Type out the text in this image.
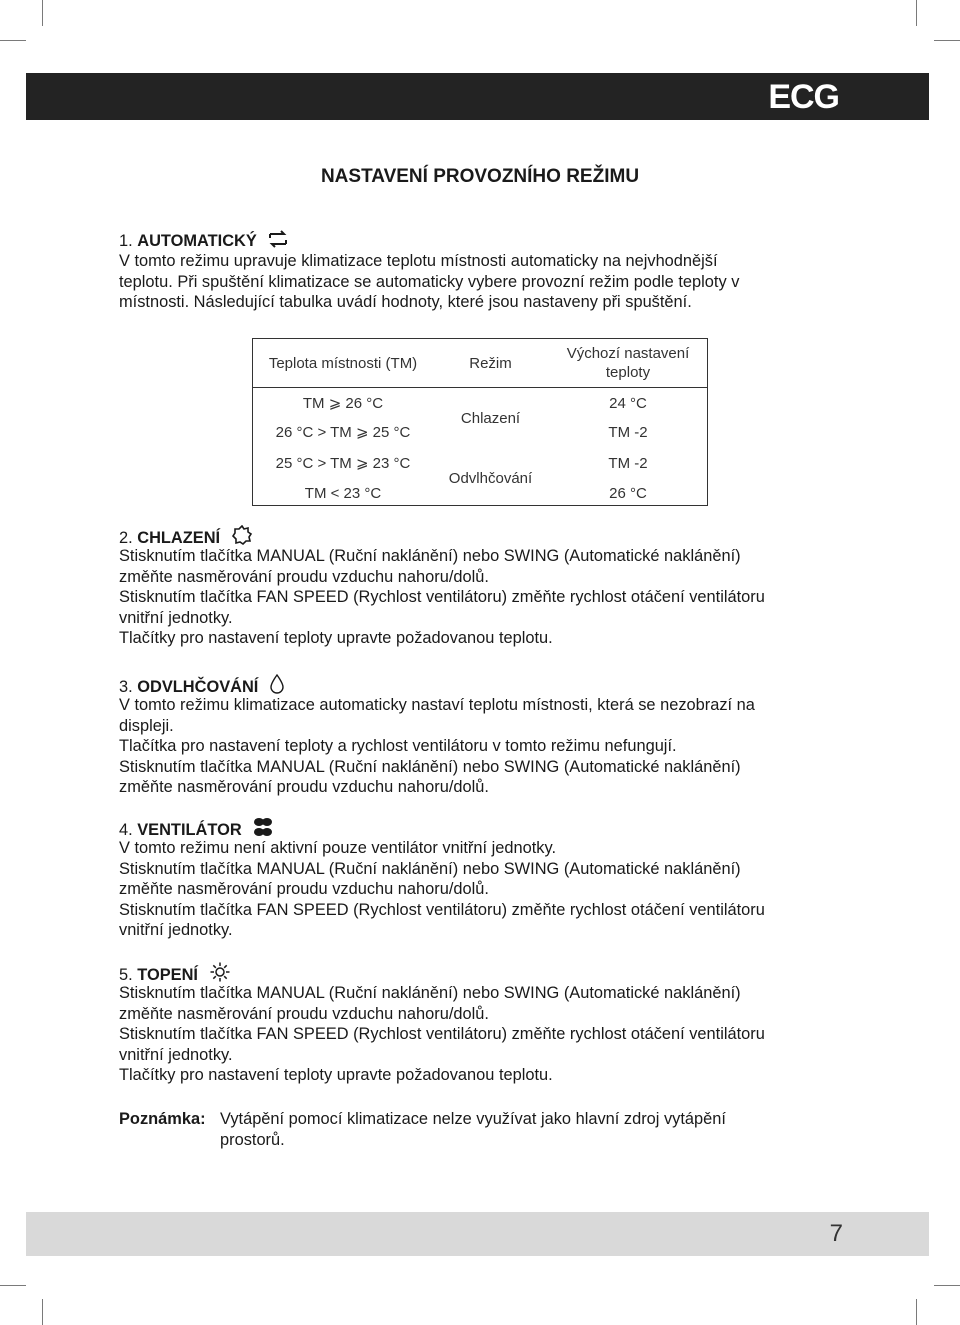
ECG
NASTAVENÍ PROVOZNÍHO REŽIMU
1. AUTOMATICKÝ

V tomto režimu upravuje klimatizace teplotu místnosti automaticky na nejvhodnější

teplotu. Při spuštění klimatizace se automaticky vybere provozní režim podle teploty v

místnosti. Následující tabulka uvádí hodnoty, které jsou nastaveny při spuštění.

Teplota místnosti (TM)	Režim
Výchozí nastavení teploty
TM ⩾ 26 °C
26 °C > TM ⩾ 25 °C
25 °C > TM ⩾ 23 °C
TM < 23 °C
Chlazení
Odvlhčování
24 °C
TM -2
TM -2
26 °C
2. CHLAZENÍ

Stisknutím tlačítka MANUAL (Ruční naklánění) nebo SWING (Automatické naklánění)

změňte nasměrování proudu vzduchu nahoru/dolů.

Stisknutím tlačítka FAN SPEED (Rychlost ventilátoru) změňte rychlost otáčení ventilátoru

vnitřní jednotky.

Tlačítky pro nastavení teploty upravte požadovanou teplotu.

3. ODVLHČOVÁNÍ

V tomto režimu klimatizace automaticky nastaví teplotu místnosti, která se nezobrazí na

displeji.

Tlačítka pro nastavení teploty a rychlost ventilátoru v tomto režimu nefungují.

Stisknutím tlačítka MANUAL (Ruční naklánění) nebo SWING (Automatické naklánění)

změňte nasměrování proudu vzduchu nahoru/dolů.

4. VENTILÁTOR

V tomto režimu není aktivní pouze ventilátor vnitřní jednotky.

Stisknutím tlačítka MANUAL (Ruční naklánění) nebo SWING (Automatické naklánění)

změňte nasměrování proudu vzduchu nahoru/dolů.

Stisknutím tlačítka FAN SPEED (Rychlost ventilátoru) změňte rychlost otáčení ventilátoru

vnitřní jednotky.

5. TOPENÍ

Stisknutím tlačítka MANUAL (Ruční naklánění) nebo SWING (Automatické naklánění)

změňte nasměrování proudu vzduchu nahoru/dolů.

Stisknutím tlačítka FAN SPEED (Rychlost ventilátoru) změňte rychlost otáčení ventilátoru

vnitřní jednotky.

Tlačítky pro nastavení teploty upravte požadovanou teplotu.

Poznámka: Vytápění pomocí klimatizace nelze využívat jako hlavní zdroj vytápění
prostorů.
7
